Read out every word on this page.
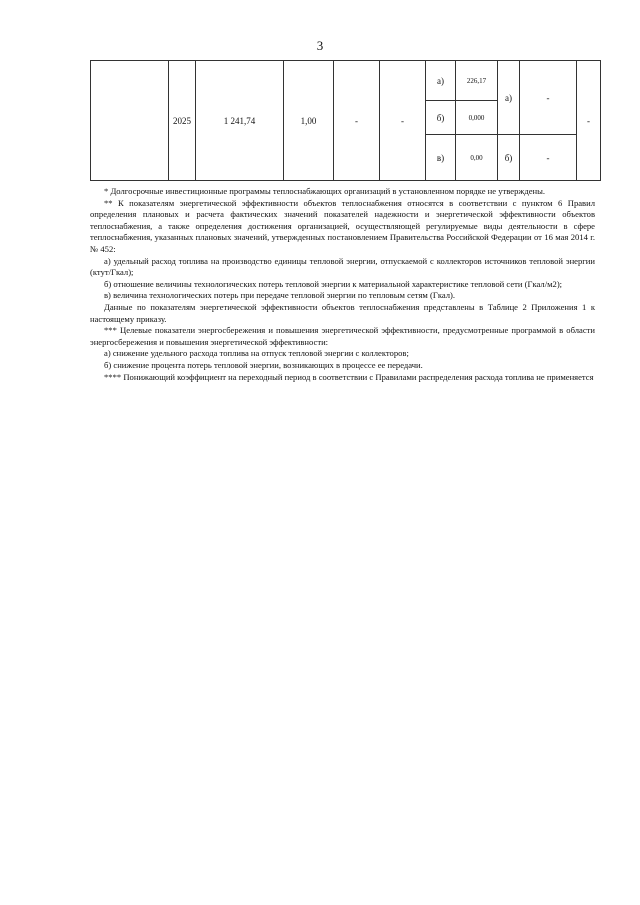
3
	2025	1 241,74	1,00	-	-	а)	226,17	а)	-	-
						б)	0,000			
						в)	0,00	б)	-	

* Долгосрочные инвестиционные программы теплоснабжающих организаций в установленном порядке не утверждены.

** К показателям энергетической эффективности объектов теплоснабжения относятся в соответствии с пунктом 6 Правил определения плановых и расчета фактических значений показателей надежности и энергетической эффективности объектов теплоснабжения, а также определения достижения организацией, осуществляющей регулируемые виды деятельности в сфере теплоснабжения, указанных плановых значений, утвержденных постановлением Правительства Российской Федерации от 16 мая 2014 г. № 452:

а) удельный расход топлива на производство единицы тепловой энергии, отпускаемой с коллекторов источников тепловой энергии (ктут/Гкал);

б) отношение величины технологических потерь тепловой энергии к материальной характеристике тепловой сети (Гкал/м2);

в) величина технологических потерь при передаче тепловой энергии по тепловым сетям (Гкал).

Данные по показателям энергетической эффективности объектов теплоснабжения представлены в Таблице 2 Приложения 1 к настоящему приказу.

*** Целевые показатели энергосбережения и повышения энергетической эффективности, предусмотренные программой в области энергосбережения и повышения энергетической эффективности:

а) снижение удельного расхода топлива на отпуск тепловой энергии с коллекторов;

б) снижение процента потерь тепловой энергии, возникающих в процессе ее передачи.

**** Понижающий коэффициент на переходный период в соответствии с Правилами распределения расхода топлива не применяется
